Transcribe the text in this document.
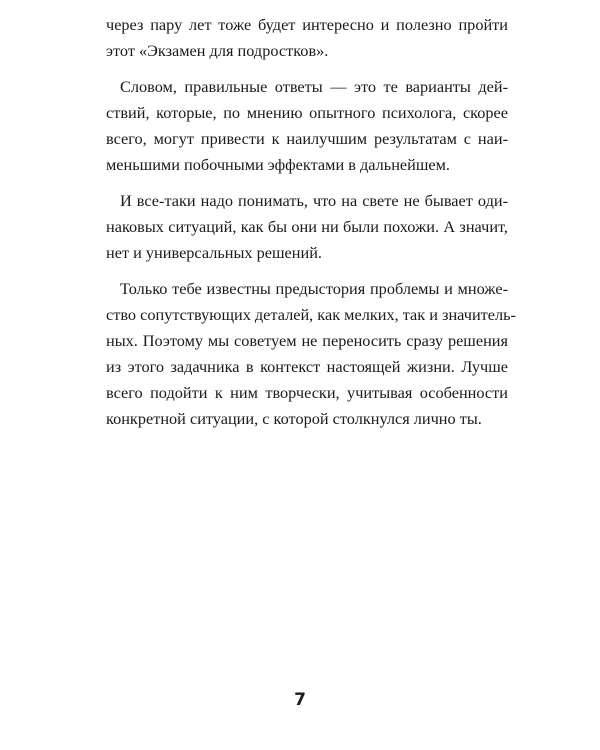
через пару лет тоже будет интересно и полезно пройти
этот «Экзамен для подростков».

Словом, правильные ответы — это те варианты дей-
ствий, которые, по мнению опытного психолога, скорее
всего, могут привести к наилучшим результатам с наи-
меньшими побочными эффектами в дальнейшем.

И все-таки надо понимать, что на свете не бывает оди-
наковых ситуаций, как бы они ни были похожи. А значит,
нет и универсальных решений.

Только тебе известны предыстория проблемы и множе-
ство сопутствующих деталей, как мелких, так и значитель-
ных. Поэтому мы советуем не переносить сразу решения
из этого задачника в контекст настоящей жизни. Лучше
всего подойти к ним творчески, учитывая особенности
конкретной ситуации, с которой столкнулся лично ты.

7
